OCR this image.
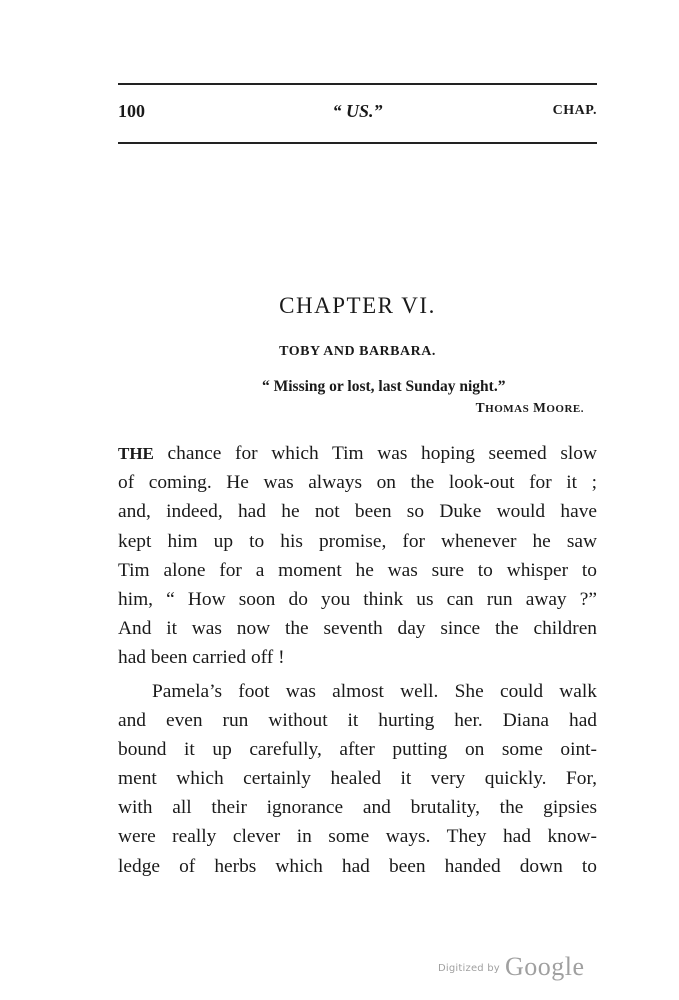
100	“ US.”	CHAP.
CHAPTER VI.
TOBY AND BARBARA.
“ Missing or lost, last Sunday night.”
THOMAS MOORE.
THE chance for which Tim was hoping seemed slow
of coming. He was always on the look-out for it ;
and, indeed, had he not been so Duke would have
kept him up to his promise, for whenever he saw
Tim alone for a moment he was sure to whisper to
him, “ How soon do you think us can run away ?”
And it was now the seventh day since the children
had been carried off !
Pamela’s foot was almost well. She could walk
and even run without it hurting her. Diana had
bound it up carefully, after putting on some oint-
ment which certainly healed it very quickly. For,
with all their ignorance and brutality, the gipsies
were really clever in some ways. They had know-
ledge of herbs which had been handed down to
$^{Digitized by}$ Google
